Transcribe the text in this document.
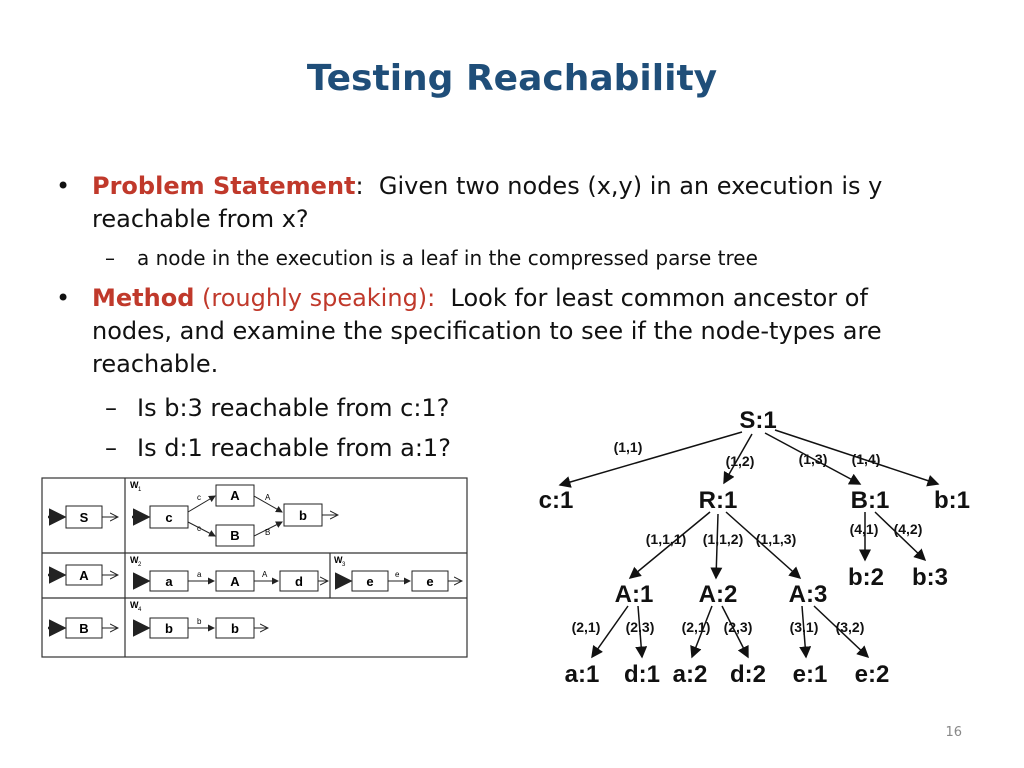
Testing Reachability
• Problem Statement: Given two nodes (x,y) in an execution is y
reachable from x?
– a node in the execution is a leaf in the compressed parse tree
• Method (roughly speaking): Look for least common ancestor of
nodes, and examine the specification to see if the node-types are
reachable.
– Is b:3 reachable from c:1?
– Is d:1 reachable from a:1?
S
W 1
c
c
c
A
B
A
B
b
A
W 2
a	a A	A d
W 3
e	e e
B
W 4
b	b b
S:1
c:1	R:1	B:1 b:1
A:1 A:2 A:3
b:2 b:3
a:1 d:1 a:2 d:2 e:1 e:2
(1,1)
(1,2)	(1,3) (1,4)
(1,1,1) (1,1,2) (1,1,3)
(4,1) (4,2)
(2,1) (2,3) (2,1) (2,3)	(3,1) (3,2)
16
